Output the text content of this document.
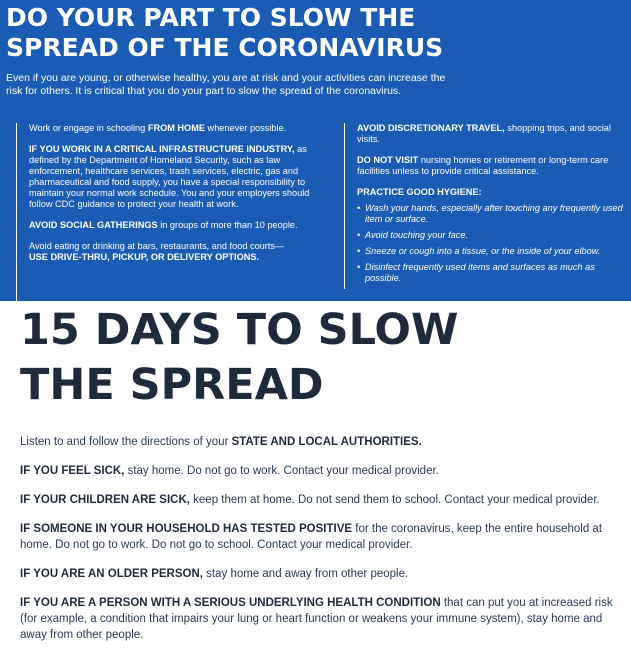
DO YOUR PART TO SLOW THE
SPREAD OF THE CORONAVIRUS

Even if you are young, or otherwise healthy, you are at risk and your activities can increase the risk for others. It is critical that you do your part to slow the spread of the coronavirus.

Work or engage in schooling FROM HOME whenever possible.

IF YOU WORK IN A CRITICAL INFRASTRUCTURE INDUSTRY, as defined by the Department of Homeland Security, such as law enforcement, healthcare services, trash services, electric, gas and pharmaceutical and food supply, you have a special responsibility to maintain your normal work schedule. You and your employers should follow CDC guidance to protect your health at work.

AVOID SOCIAL GATHERINGS in groups of more than 10 people.

Avoid eating or drinking at bars, restaurants, and food courts—
USE DRIVE-THRU, PICKUP, OR DELIVERY OPTIONS.

AVOID DISCRETIONARY TRAVEL, shopping trips, and social visits.

DO NOT VISIT nursing homes or retirement or long-term care facilities unless to provide critical assistance.

PRACTICE GOOD HYGIENE:

• Wash your hands, especially after touching any frequently used item or surface.
• Avoid touching your face.
• Sneeze or cough into a tissue, or the inside of your elbow.
• Disinfect frequently used items and surfaces as much as possible.
15 DAYS TO SLOW
THE SPREAD

Listen to and follow the directions of your STATE AND LOCAL AUTHORITIES.

IF YOU FEEL SICK, stay home. Do not go to work. Contact your medical provider.

IF YOUR CHILDREN ARE SICK, keep them at home. Do not send them to school. Contact your medical provider.

IF SOMEONE IN YOUR HOUSEHOLD HAS TESTED POSITIVE for the coronavirus, keep the entire household at home. Do not go to work. Do not go to school. Contact your medical provider.

IF YOU ARE AN OLDER PERSON, stay home and away from other people.

IF YOU ARE A PERSON WITH A SERIOUS UNDERLYING HEALTH CONDITION that can put you at increased risk (for example, a condition that impairs your lung or heart function or weakens your immune system), stay home and away from other people.
